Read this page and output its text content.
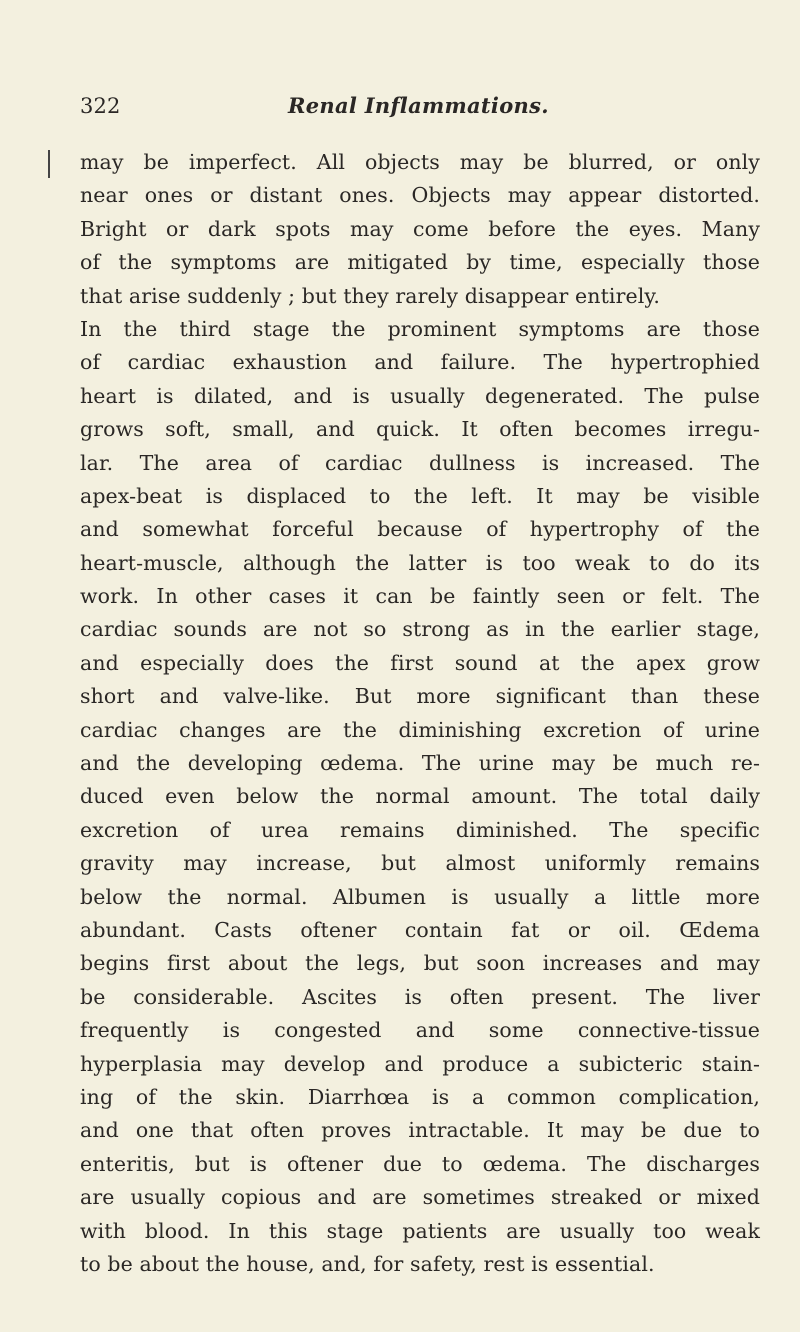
322	Renal Inflammations.
may be imperfect. All objects may be blurred, or only
near ones or distant ones. Objects may appear distorted.
Bright or dark spots may come before the eyes. Many
of the symptoms are mitigated by time, especially those
that arise suddenly ; but they rarely disappear entirely.
In the third stage the prominent symptoms are those
of cardiac exhaustion and failure. The hypertrophied
heart is dilated, and is usually degenerated. The pulse
grows soft, small, and quick. It often becomes irregu-
lar. The area of cardiac dullness is increased. The
apex-beat is displaced to the left. It may be visible
and somewhat forceful because of hypertrophy of the
heart-muscle, although the latter is too weak to do its
work. In other cases it can be faintly seen or felt. The
cardiac sounds are not so strong as in the earlier stage,
and especially does the first sound at the apex grow
short and valve-like. But more significant than these
cardiac changes are the diminishing excretion of urine
and the developing œdema. The urine may be much re-
duced even below the normal amount. The total daily
excretion of urea remains diminished. The specific
gravity may increase, but almost uniformly remains
below the normal. Albumen is usually a little more
abundant. Casts oftener contain fat or oil. Œdema
begins first about the legs, but soon increases and may
be considerable. Ascites is often present. The liver
frequently is congested and some connective-tissue
hyperplasia may develop and produce a subicteric stain-
ing of the skin. Diarrhœa is a common complication,
and one that often proves intractable. It may be due to
enteritis, but is oftener due to œdema. The discharges
are usually copious and are sometimes streaked or mixed
with blood. In this stage patients are usually too weak
to be about the house, and, for safety, rest is essential.
